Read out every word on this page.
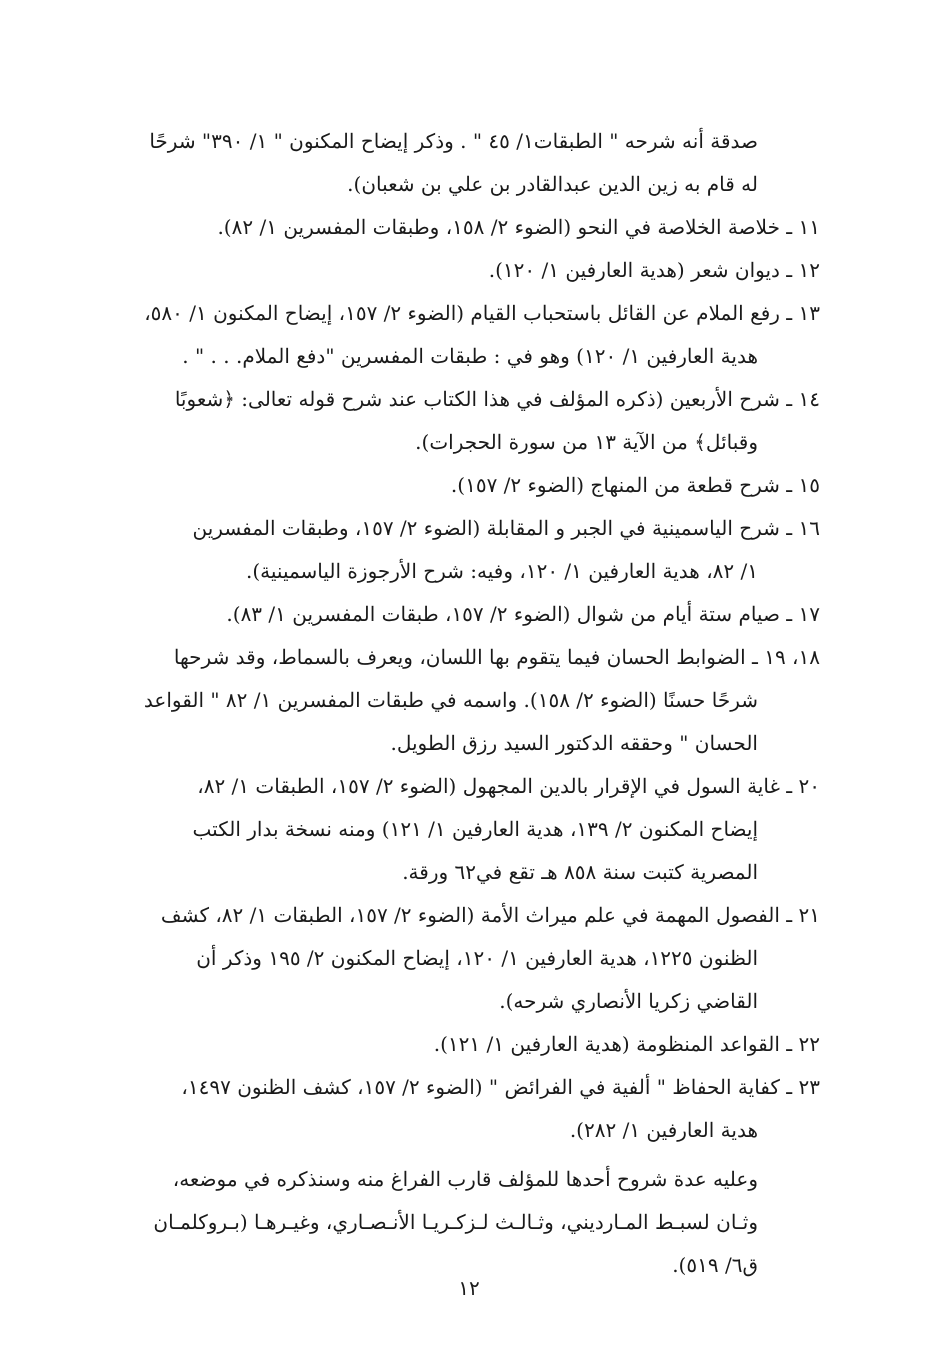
صدقة أنه شرحه " الطبقات١/ ٤٥ " . وذكر إيضاح المكنون " ١/ ٣٩٠" شرحًا
له قام به زين الدين عبدالقادر بن علي بن شعبان).
١١ ـ خلاصة الخلاصة في النحو (الضوء ٢/ ١٥٨، وطبقات المفسرين ١/ ٨٢).
١٢ ـ ديوان شعر (هدية العارفين ١/ ١٢٠).
١٣ ـ رفع الملام عن القائل باستحباب القيام (الضوء ٢/ ١٥٧، إيضاح المكنون ١/ ٥٨٠،
هدية العارفين ١/ ١٢٠) وهو في : طبقات المفسرين "دفع الملام. . . " .
١٤ ـ شرح الأربعين (ذكره المؤلف في هذا الكتاب عند شرح قوله تعالى: ﴿شعوبًا
وقبائل﴾ من الآية ١٣ من سورة الحجرات).
١٥ ـ شرح قطعة من المنهاج (الضوء ٢/ ١٥٧).
١٦ ـ شرح الياسمينية في الجبر و المقابلة (الضوء ٢/ ١٥٧، وطبقات المفسرين
١/ ٨٢، هدية العارفين ١/ ١٢٠، وفيه: شرح الأرجوزة الياسمينية).
١٧ ـ صيام ستة أيام من شوال (الضوء ٢/ ١٥٧، طبقات المفسرين ١/ ٨٣).
١٨، ١٩ ـ الضوابط الحسان فيما يتقوم بها اللسان، ويعرف بالسماط، وقد شرحها
شرحًا حسنًا (الضوء ٢/ ١٥٨). واسمه في طبقات المفسرين ١/ ٨٢ " القواعد
الحسان " وحققه الدكتور السيد رزق الطويل.
٢٠ ـ غاية السول في الإقرار بالدين المجهول (الضوء ٢/ ١٥٧، الطبقات ١/ ٨٢،
إيضاح المكنون ٢/ ١٣٩، هدية العارفين ١/ ١٢١) ومنه نسخة بدار الكتب
المصرية كتبت سنة ٨٥٨ هـ تقع في٦٢ ورقة.
٢١ ـ الفصول المهمة في علم ميراث الأمة (الضوء ٢/ ١٥٧، الطبقات ١/ ٨٢، كشف
الظنون ١٢٢٥، هدية العارفين ١/ ١٢٠، إيضاح المكنون ٢/ ١٩٥ وذكر أن
القاضي زكريا الأنصاري شرحه).
٢٢ ـ القواعد المنظومة (هدية العارفين ١/ ١٢١).
٢٣ ـ كفاية الحفاظ " ألفية في الفرائض " (الضوء ٢/ ١٥٧، كشف الظنون ١٤٩٧،
هدية العارفين ١/ ٢٨٢).
وعليه عدة شروح أحدها للمؤلف قارب الفراغ منه وسنذكره في موضعه،
وثـان لسبـط المـارديني، وثـالـث لـزكـريـا الأنـصـاري، وغيـرهـا (بـروكلمـان
ق٦/ ٥١٩).
١٢
